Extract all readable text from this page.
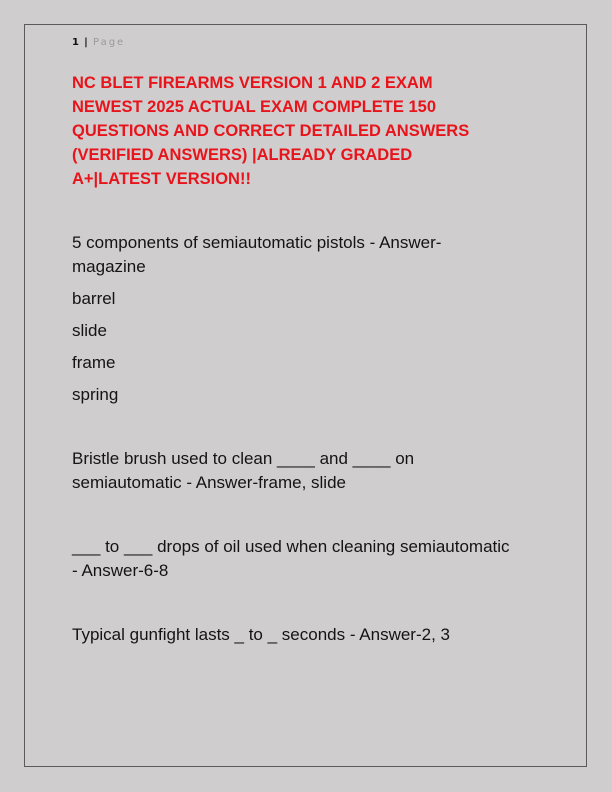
1 | Page
NC BLET FIREARMS VERSION 1 AND 2 EXAM
NEWEST 2025 ACTUAL EXAM COMPLETE 150
QUESTIONS AND CORRECT DETAILED ANSWERS
(VERIFIED ANSWERS) |ALREADY GRADED
A+|LATEST VERSION!!
5 components of semiautomatic pistols - Answer-
magazine
barrel
slide
frame
spring
Bristle brush used to clean ____ and ____ on
semiautomatic - Answer-frame, slide
___ to ___ drops of oil used when cleaning semiautomatic
- Answer-6-8
Typical gunfight lasts _ to _ seconds - Answer-2, 3
